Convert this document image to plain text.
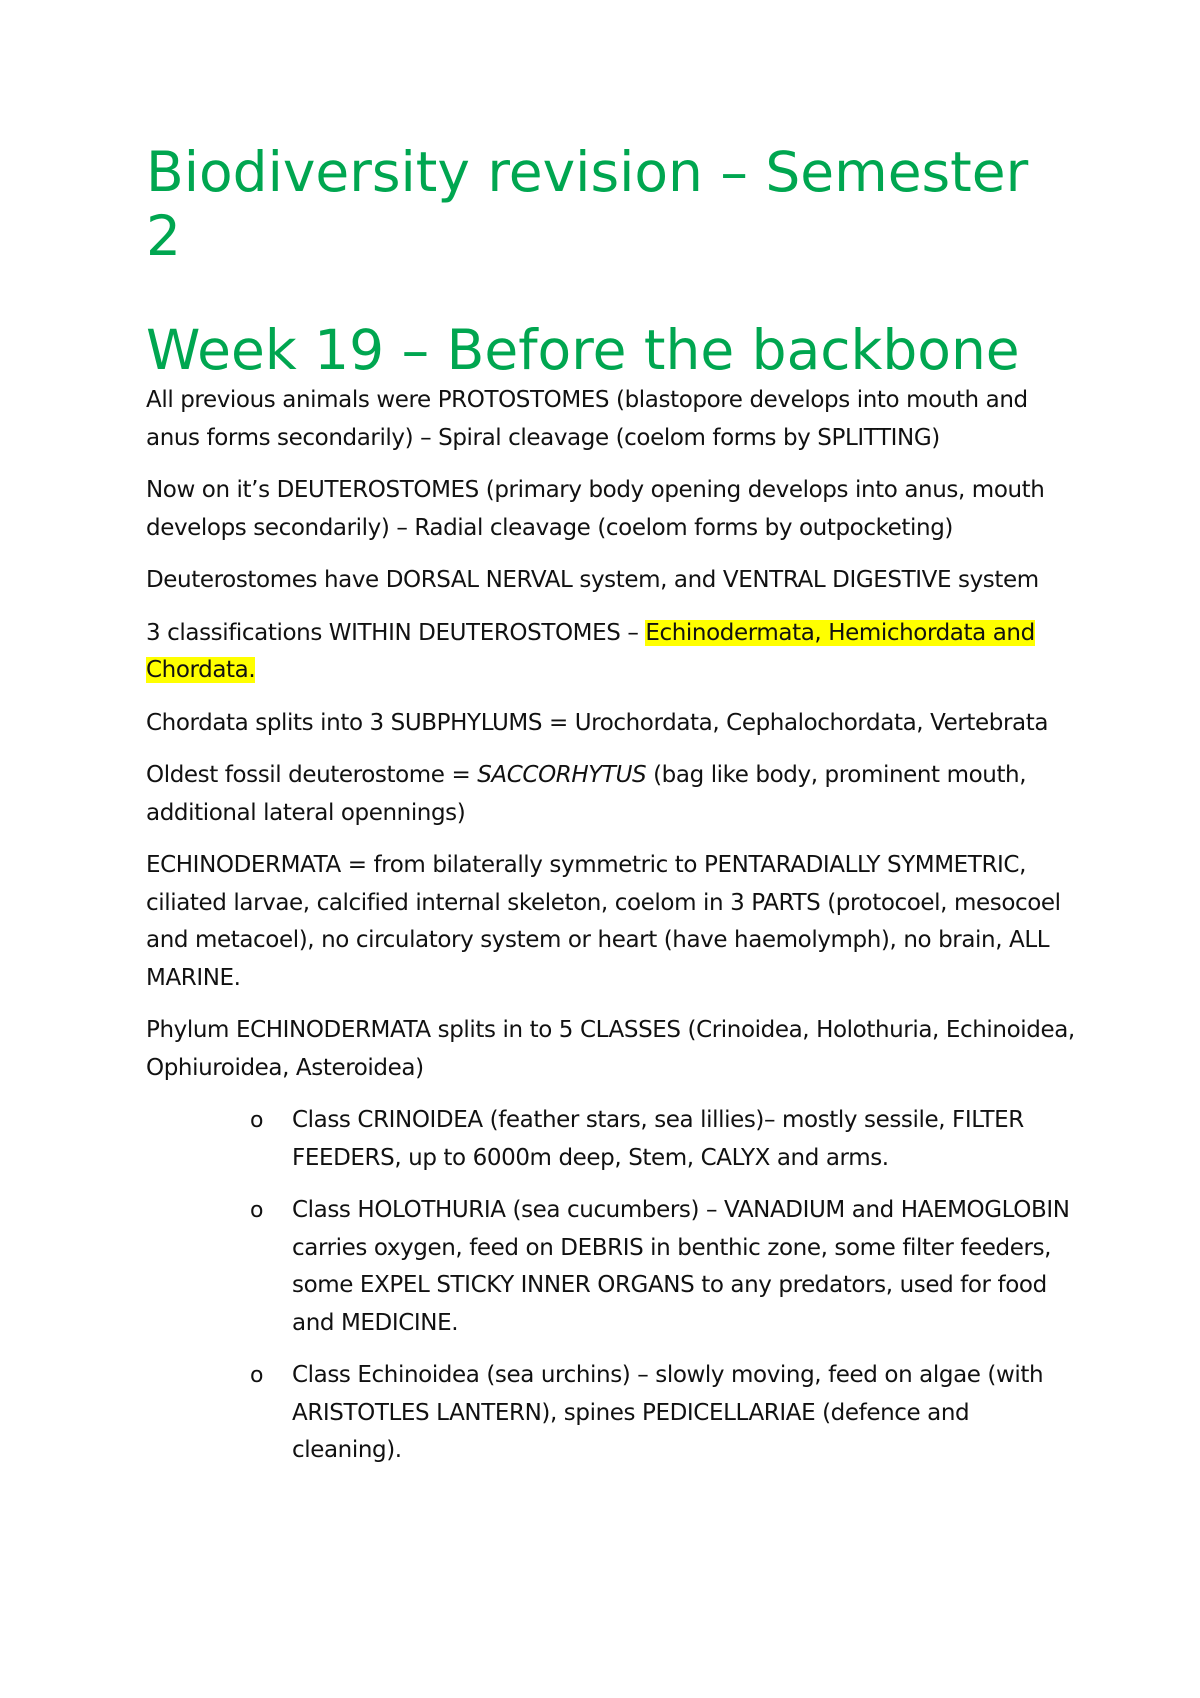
Biodiversity revision – Semester 2
Week 19 – Before the backbone

All previous animals were PROTOSTOMES (blastopore develops into mouth and anus forms secondarily) – Spiral cleavage (coelom forms by SPLITTING)

Now on it’s DEUTEROSTOMES (primary body opening develops into anus, mouth develops secondarily) – Radial cleavage (coelom forms by outpocketing)

Deuterostomes have DORSAL NERVAL system, and VENTRAL DIGESTIVE system

3 classifications WITHIN DEUTEROSTOMES – Echinodermata, Hemichordata and Chordata.

Chordata splits into 3 SUBPHYLUMS = Urochordata, Cephalochordata, Vertebrata

Oldest fossil deuterostome = SACCORHYTUS (bag like body, prominent mouth, additional lateral opennings)

ECHINODERMATA = from bilaterally symmetric to PENTARADIALLY SYMMETRIC, ciliated larvae, calcified internal skeleton, coelom in 3 PARTS (protocoel, mesocoel and metacoel), no circulatory system or heart (have haemolymph), no brain, ALL MARINE.

Phylum ECHINODERMATA splits in to 5 CLASSES (Crinoidea, Holothuria, Echinoidea, Ophiuroidea, Asteroidea)

o Class CRINOIDEA (feather stars, sea lillies)– mostly sessile, FILTER FEEDERS, up to 6000m deep, Stem, CALYX and arms.
o Class HOLOTHURIA (sea cucumbers) – VANADIUM and HAEMOGLOBIN carries oxygen, feed on DEBRIS in benthic zone, some filter feeders, some EXPEL STICKY INNER ORGANS to any predators, used for food and MEDICINE.
o Class Echinoidea (sea urchins) – slowly moving, feed on algae (with ARISTOTLES LANTERN), spines PEDICELLARIAE (defence and cleaning).
